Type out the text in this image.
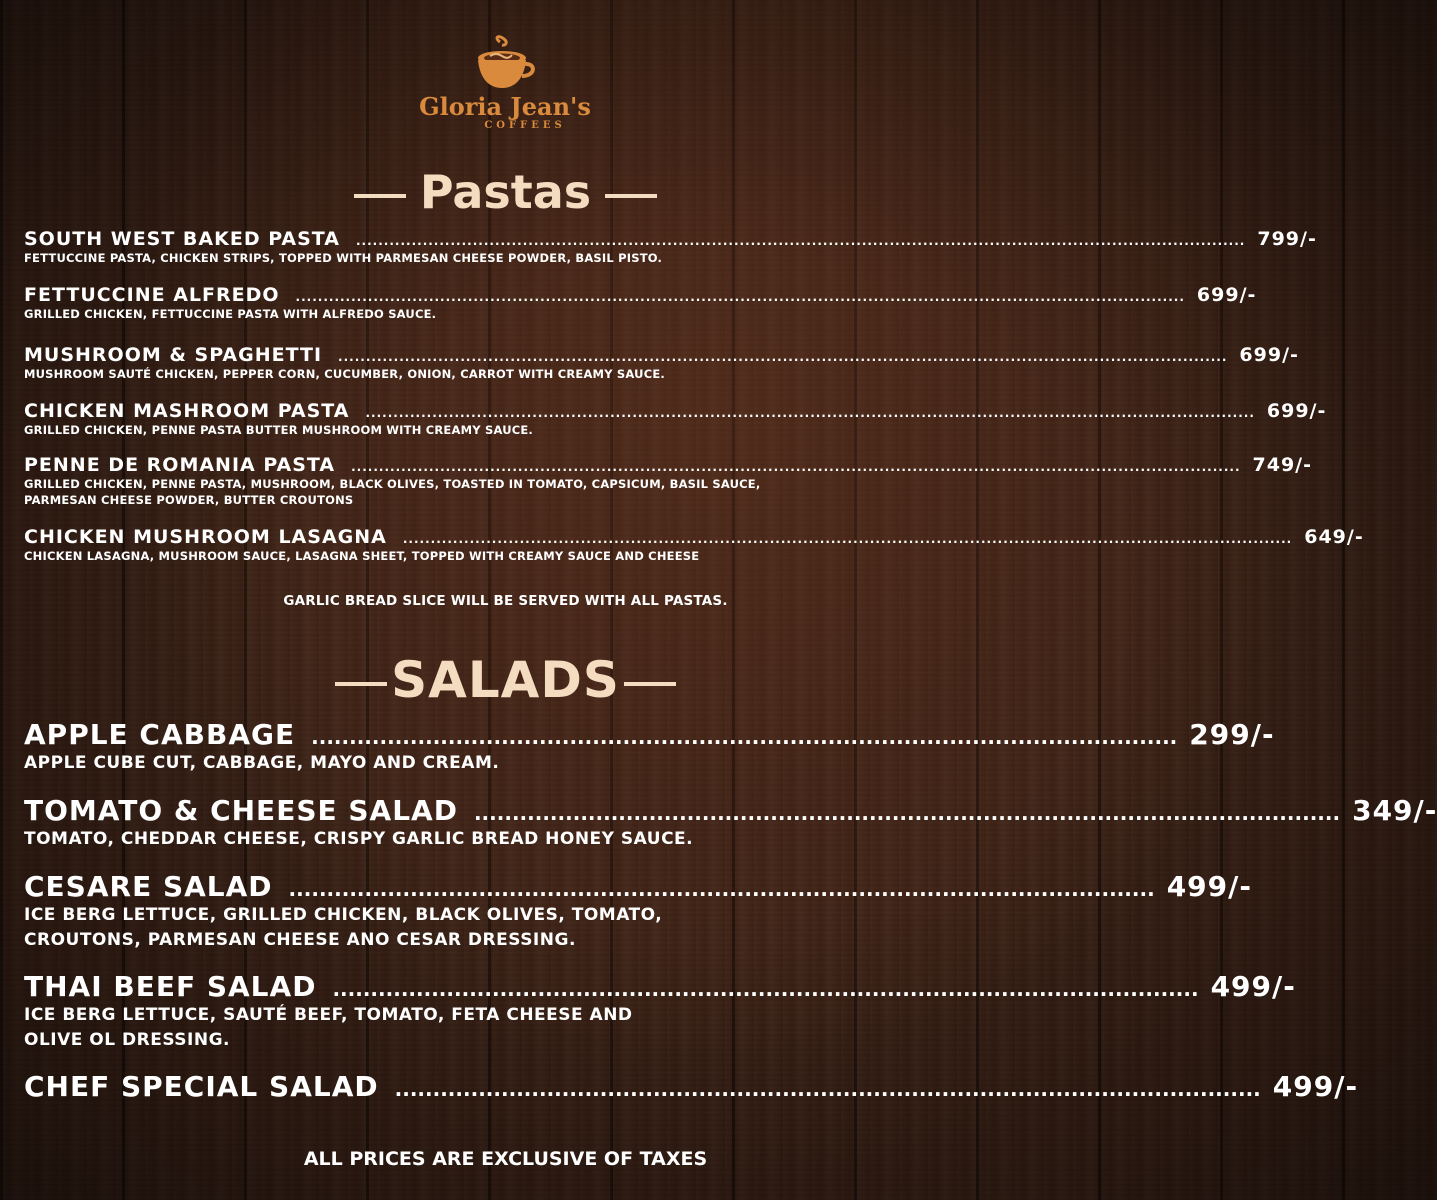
Gloria Jean's
COFFEES
Pastas
SOUTH WEST BAKED PASTA ................................................................................................................................................................ 799/-
FETTUCCINE PASTA, CHICKEN STRIPS, TOPPED WITH PARMESAN CHEESE POWDER, BASIL PISTO.
FETTUCCINE ALFREDO ................................................................................................................................................................ 699/-
GRILLED CHICKEN, FETTUCCINE PASTA WITH ALFREDO SAUCE.
MUSHROOM & SPAGHETTI ................................................................................................................................................................ 699/-
MUSHROOM SAUTÉ CHICKEN, PEPPER CORN, CUCUMBER, ONION, CARROT WITH CREAMY SAUCE.
CHICKEN MASHROOM PASTA ................................................................................................................................................................ 699/-
GRILLED CHICKEN, PENNE PASTA BUTTER MUSHROOM WITH CREAMY SAUCE.
PENNE DE ROMANIA PASTA ................................................................................................................................................................ 749/-
GRILLED CHICKEN, PENNE PASTA, MUSHROOM, BLACK OLIVES, TOASTED IN TOMATO, CAPSICUM, BASIL SAUCE,
PARMESAN CHEESE POWDER, BUTTER CROUTONS
CHICKEN MUSHROOM LASAGNA ................................................................................................................................................................ 649/-
CHICKEN LASAGNA, MUSHROOM SAUCE, LASAGNA SHEET, TOPPED WITH CREAMY SAUCE AND CHEESE
GARLIC BREAD SLICE WILL BE SERVED WITH ALL PASTAS.
SALADS
APPLE CABBAGE .................................................................................................................. 299/-
APPLE CUBE CUT, CABBAGE, MAYO AND CREAM.
TOMATO & CHEESE SALAD .................................................................................................................. 349/-
TOMATO, CHEDDAR CHEESE, CRISPY GARLIC BREAD HONEY SAUCE.
CESARE SALAD .................................................................................................................. 499/-
ICE BERG LETTUCE, GRILLED CHICKEN, BLACK OLIVES, TOMATO,
CROUTONS, PARMESAN CHEESE ANO CESAR DRESSING.
THAI BEEF SALAD .................................................................................................................. 499/-
ICE BERG LETTUCE, SAUTÉ BEEF, TOMATO, FETA CHEESE AND
OLIVE OL DRESSING.
CHEF SPECIAL SALAD .................................................................................................................. 499/-
ALL PRICES ARE EXCLUSIVE OF TAXES
